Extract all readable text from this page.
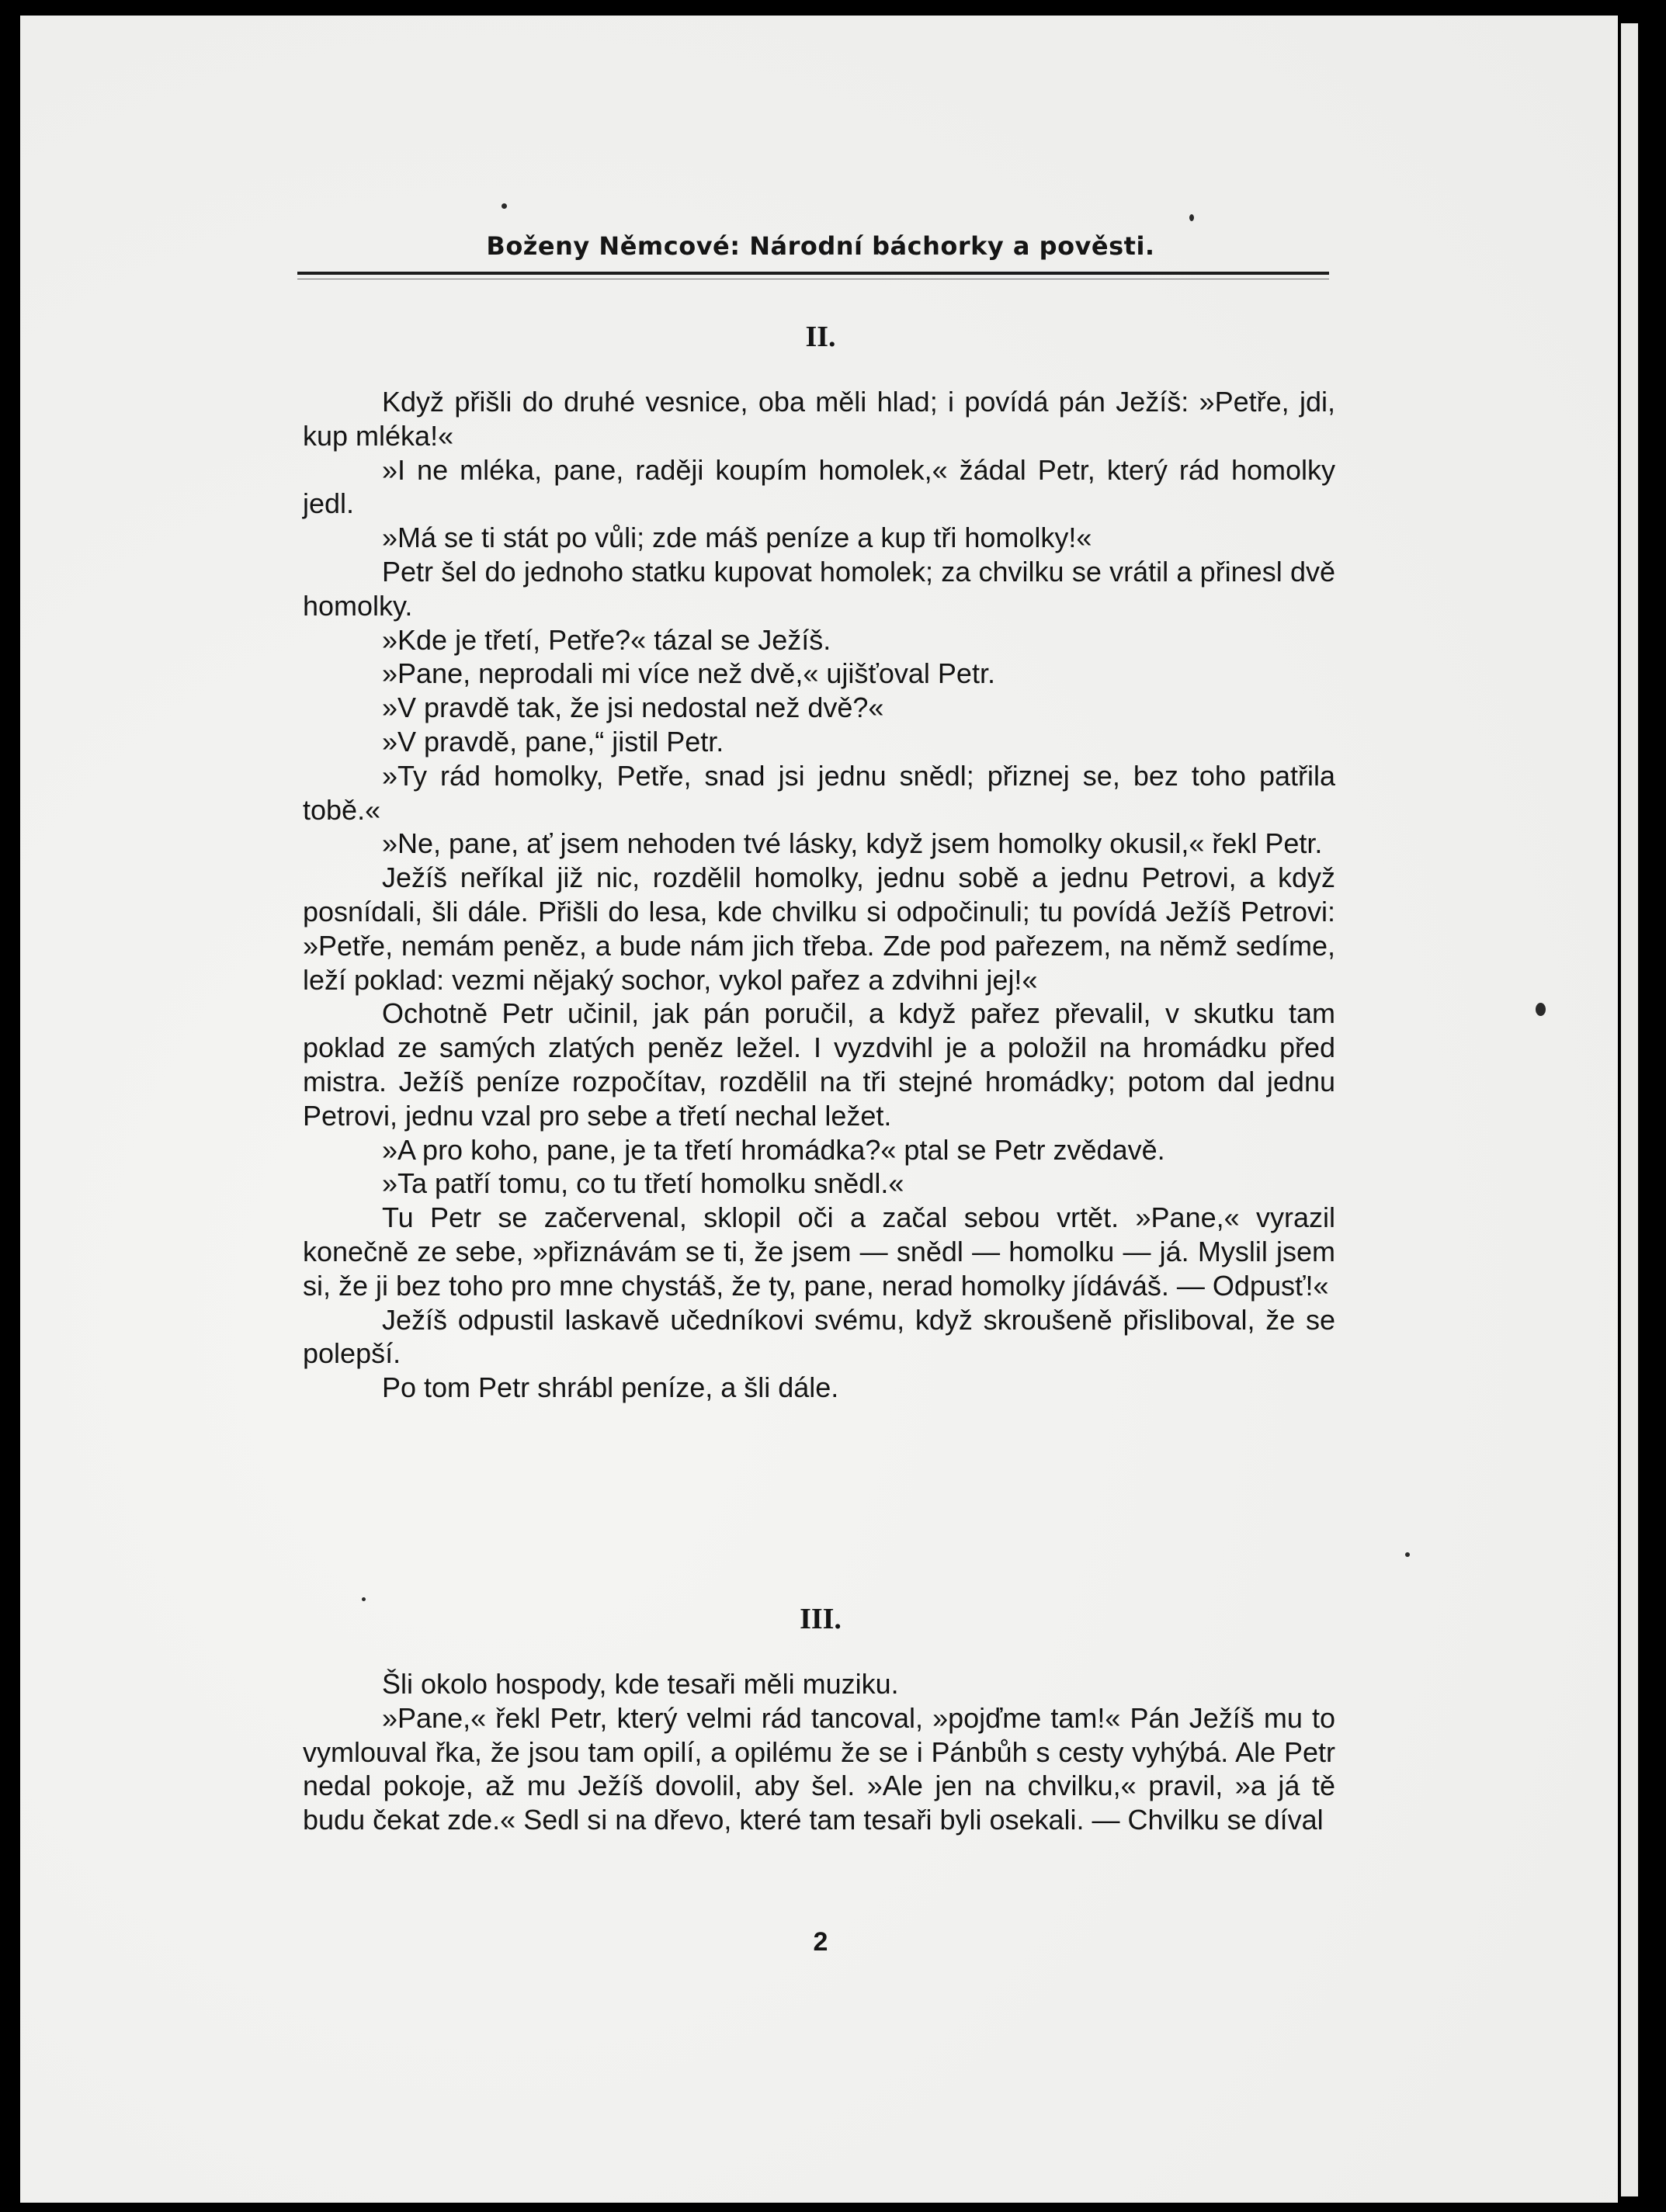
Boženy Němcové: Národní báchorky a pověsti.
II.

Když přišli do druhé vesnice, oba měli hlad; i povídá pán Ježíš: »Petře, jdi, kup mléka!«

»I ne mléka, pane, raději koupím homolek,« žádal Petr, který rád homolky jedl.

»Má se ti stát po vůli; zde máš peníze a kup tři homolky!«

Petr šel do jednoho statku kupovat homolek; za chvilku se vrátil a přinesl dvě homolky.

»Kde je třetí, Petře?« tázal se Ježíš.

»Pane, neprodali mi více než dvě,« ujišťoval Petr.

»V pravdě tak, že jsi nedostal než dvě?«

»V pravdě, pane,“ jistil Petr.

»Ty rád homolky, Petře, snad jsi jednu snědl; přiznej se, bez toho patřila tobě.«

»Ne, pane, ať jsem nehoden tvé lásky, když jsem homolky okusil,« řekl Petr.

Ježíš neříkal již nic, rozdělil homolky, jednu sobě a jednu Petrovi, a když posnídali, šli dále. Přišli do lesa, kde chvilku si odpočinuli; tu povídá Ježíš Petrovi: »Petře, nemám peněz, a bude nám jich třeba. Zde pod pařezem, na němž sedíme, leží poklad: vezmi nějaký sochor, vykol pařez a zdvihni jej!«

Ochotně Petr učinil, jak pán poručil, a když pařez převalil, v skutku tam poklad ze samých zlatých peněz ležel. I vyzdvihl je a položil na hromádku před mistra. Ježíš peníze rozpočítav, rozdělil na tři stejné hromádky; potom dal jednu Petrovi, jednu vzal pro sebe a třetí nechal ležet.

»A pro koho, pane, je ta třetí hromádka?« ptal se Petr zvědavě.

»Ta patří tomu, co tu třetí homolku snědl.«

Tu Petr se začervenal, sklopil oči a začal sebou vrtět. »Pane,« vyrazil konečně ze sebe, »přiznávám se ti, že jsem — snědl — homolku — já. Myslil jsem si, že ji bez toho pro mne chystáš, že ty, pane, nerad homolky jídáváš. — Odpusť!«

Ježíš odpustil laskavě učedníkovi svému, když skroušeně přisliboval, že se polepší.

Po tom Petr shrábl peníze, a šli dále.

III.

Šli okolo hospody, kde tesaři měli muziku.

»Pane,« řekl Petr, který velmi rád tancoval, »pojďme tam!« Pán Ježíš mu to vymlouval řka, že jsou tam opilí, a opilému že se i Pánbůh s cesty vyhýbá. Ale Petr nedal pokoje, až mu Ježíš dovolil, aby šel. »Ale jen na chvilku,« pravil, »a já tě budu čekat zde.« Sedl si na dřevo, které tam tesaři byli osekali. — Chvilku se díval

2
